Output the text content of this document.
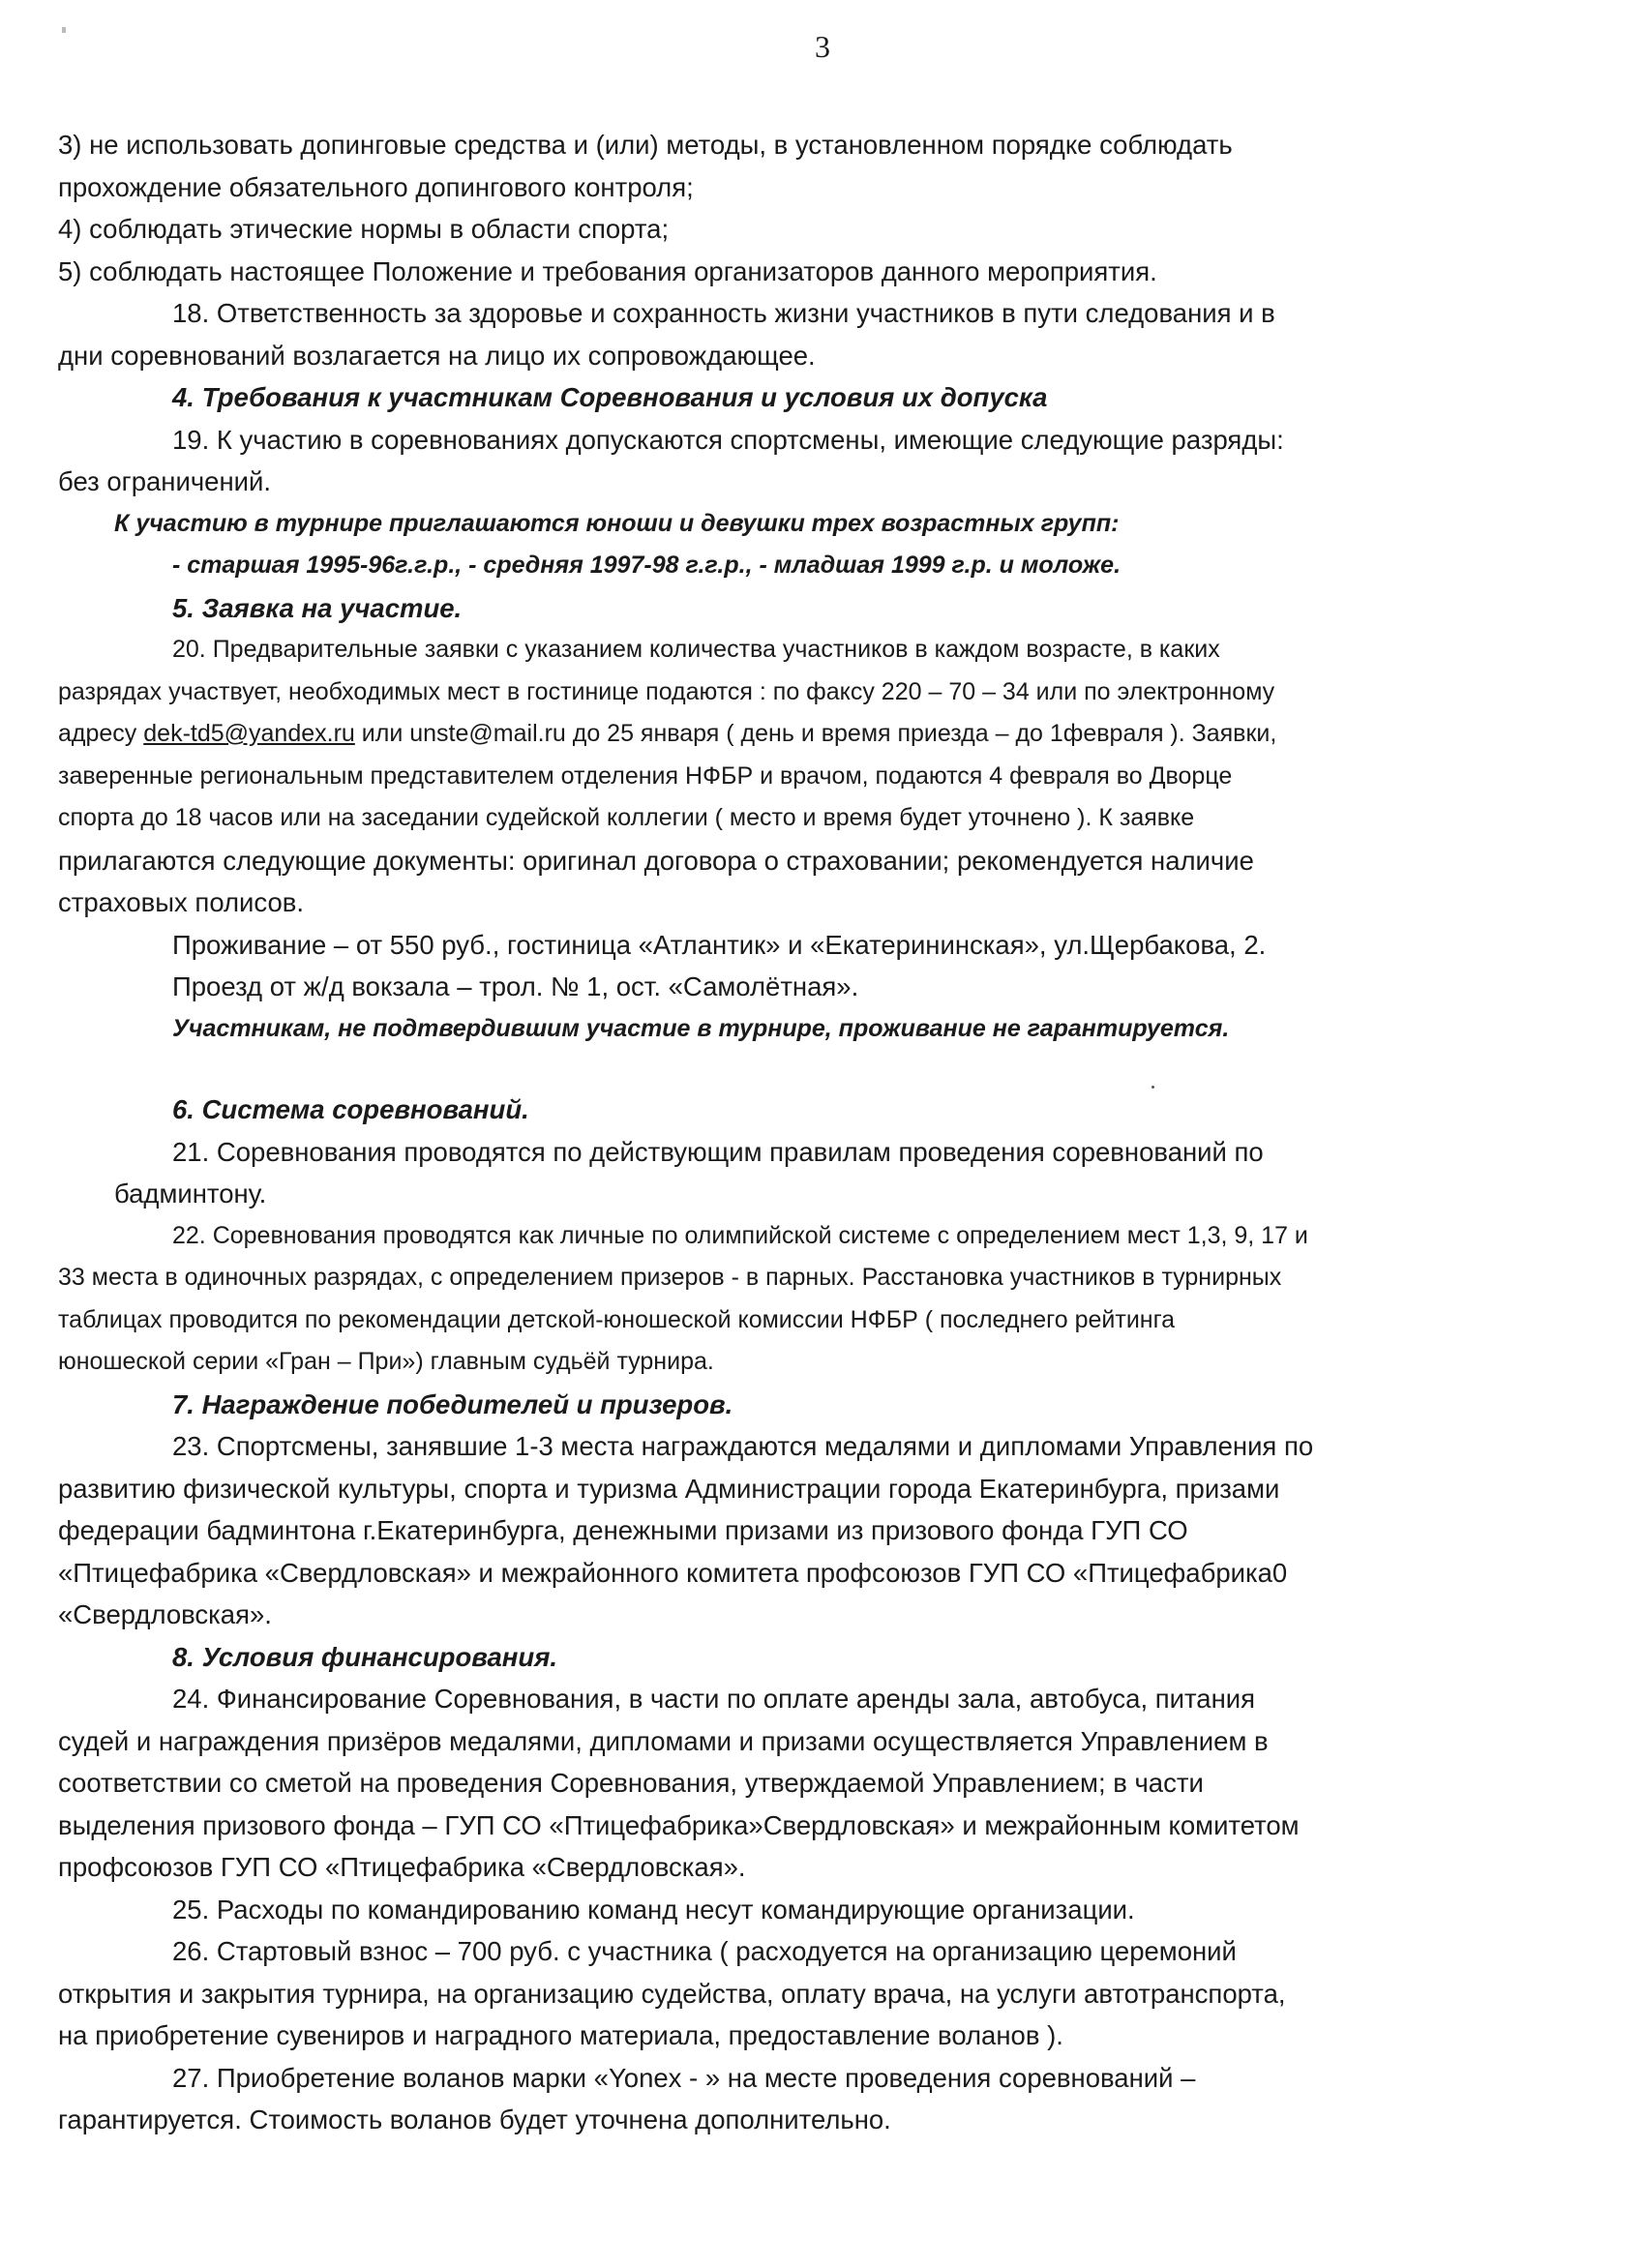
3
3) не использовать допинговые средства и (или) методы, в установленном порядке соблюдать
прохождение обязательного допингового контроля;
4) соблюдать этические нормы в области спорта;
5) соблюдать настоящее Положение и требования организаторов данного мероприятия.
18. Ответственность за здоровье и сохранность жизни участников в пути следования и в
дни соревнований возлагается на лицо их сопровождающее.
4. Требования к участникам Соревнования и условия их допуска
19. К участию в соревнованиях допускаются спортсмены, имеющие следующие разряды:
без ограничений.
К участию в турнире приглашаются юноши и девушки трех возрастных групп:
- старшая 1995-96г.г.р., - средняя 1997-98 г.г.р., - младшая 1999 г.р. и моложе.
5. Заявка на участие.
20. Предварительные заявки с указанием количества участников в каждом возрасте, в каких
разрядах участвует, необходимых мест в гостинице подаются : по факсу 220 – 70 – 34 или по электронному
адресу dek-td5@yandex.ru или unste@mail.ru до 25 января ( день и время приезда – до 1февраля ). Заявки,
заверенные региональным представителем отделения НФБР и врачом, подаются 4 февраля во Дворце
спорта до 18 часов или на заседании судейской коллегии ( место и время будет уточнено ). К заявке
прилагаются следующие документы: оригинал договора о страховании; рекомендуется наличие
страховых полисов.
Проживание – от 550 руб., гостиница «Атлантик» и «Екатерининская», ул.Щербакова, 2.
Проезд от ж/д вокзала – трол. № 1, ост. «Самолётная».
Участникам, не подтвердившим участие в турнире, проживание не гарантируется.
6. Система соревнований.
21. Соревнования проводятся по действующим правилам проведения соревнований по
бадминтону.
22. Соревнования проводятся как личные по олимпийской системе с определением мест 1,3, 9, 17 и
33 места в одиночных разрядах, с определением призеров - в парных. Расстановка участников в турнирных
таблицах проводится по рекомендации детской-юношеской комиссии НФБР ( последнего рейтинга
юношеской серии «Гран – При») главным судьёй турнира.
7. Награждение победителей и призеров.
23. Спортсмены, занявшие 1-3 места награждаются медалями и дипломами Управления по
развитию физической культуры, спорта и туризма Администрации города Екатеринбурга, призами
федерации бадминтона г.Екатеринбурга, денежными призами из призового фонда ГУП СО
«Птицефабрика «Свердловская» и межрайонного комитета профсоюзов ГУП СО «Птицефабрика0
«Свердловская».
8. Условия финансирования.
24. Финансирование Соревнования, в части по оплате аренды зала, автобуса, питания
судей и награждения призёров медалями, дипломами и призами осуществляется Управлением в
соответствии со сметой на проведения Соревнования, утверждаемой Управлением; в части
выделения призового фонда – ГУП СО «Птицефабрика»Свердловская» и межрайонным комитетом
профсоюзов ГУП СО «Птицефабрика «Свердловская».
25. Расходы по командированию команд несут командирующие организации.
26. Стартовый взнос – 700 руб. с участника ( расходуется на организацию церемоний
открытия и закрытия турнира, на организацию судейства, оплату врача, на услуги автотранспорта,
на приобретение сувениров и наградного материала, предоставление воланов ).
27. Приобретение воланов марки «Yonex - » на месте проведения соревнований –
гарантируется. Стоимость воланов будет уточнена дополнительно.
